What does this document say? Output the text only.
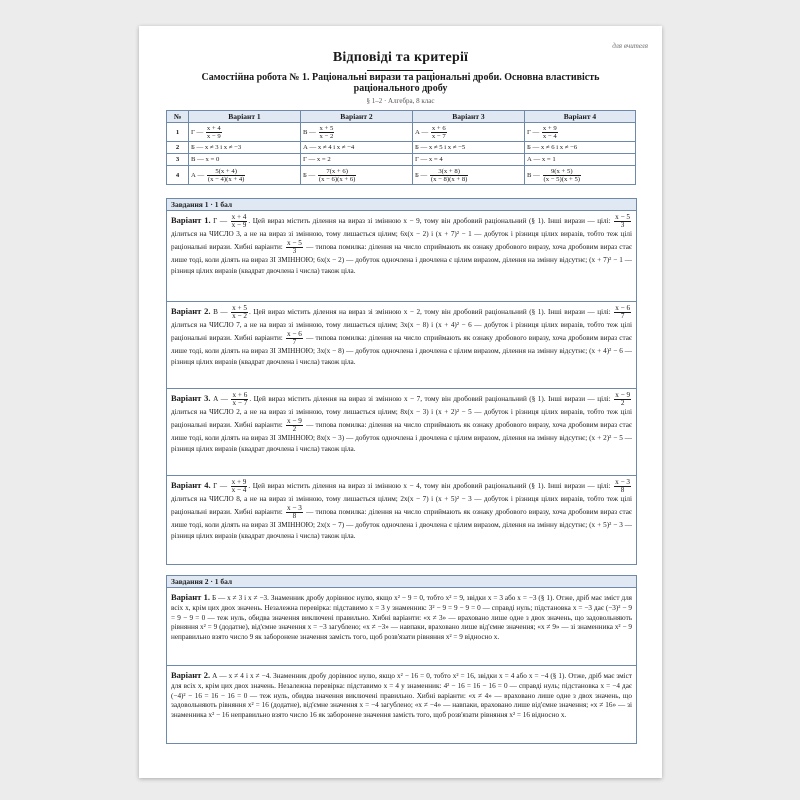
для вчителя
Відповіді та критерії
Самостійна робота № 1. Раціональні вирази та раціональні дроби. Основна властивість раціонального дробу
§ 1–2 · Алгебра, 8 клас
№	Варіант 1	Варіант 2	Варіант 3	Варіант 4
1	Г — $\frac{x + 4}{x - 9}$	В — $\frac{x + 5}{x - 2}$	А — $\frac{x + 6}{x - 7}$	Г — $\frac{x + 9}{x - 4}$

2	Б — x ≠ 3 і x ≠ −3	А — x ≠ 4 і x ≠ −4	Б — x ≠ 5 і x ≠ −5	Б — x ≠ 6 і x ≠ −6
3	В — x = 0	Г — x = 2	Г — x = 4	А — x = 1
4	А — $\frac{5(x + 4)}{(x - 4)(x + 4)}$	Б — $\frac{7(x + 6)}{(x - 6)(x + 6)}$	Б — $\frac{3(x + 8)}{(x - 8)(x + 8)}$	В — $\frac{9(x + 5)}{(x - 5)(x + 5)}$
Завдання 1 · 1 бал
Варіант 1. Г — $\frac{x + 4}{x - 9}$ . Цей вираз містить ділення на вираз зі змінною x − 9, тому він дробовий раціональний (§ 1). Інші вирази — цілі: $\frac{x - 5}{3}$
ділиться на ЧИСЛО 3, а не на вираз зі змінною, тому лишається цілим; 6x(x − 2) і (x + 7)² − 1 — добуток і різниця цілих виразів, тобто теж цілі раціональні вирази. Хибні варіанти: $\frac{x - 5}{3}$ — типова помилка: ділення на число сприймають як ознаку дробового виразу, хоча дробовим вираз стає лише тоді, коли ділять на вираз ЗІ ЗМІННОЮ; 6x(x − 2) — добуток одночлена і двочлена є цілим виразом, ділення на змінну відсутнє; (x + 7)² − 1 — різниця цілих виразів (квадрат двочлена і числа) також ціла.
Варіант 2. В — $\frac{x + 5}{x - 2}$ . Цей вираз містить ділення на вираз зі змінною x − 2, тому він дробовий раціональний (§ 1). Інші вирази — цілі: $\frac{x - 6}{7}$
ділиться на ЧИСЛО 7, а не на вираз зі змінною, тому лишається цілим; 3x(x − 8) і (x + 4)² − 6 — добуток і різниця цілих виразів, тобто теж цілі раціональні вирази. Хибні варіанти: $\frac{x - 6}{7}$ — типова помилка: ділення на число сприймають як ознаку дробового виразу, хоча дробовим вираз стає лише тоді, коли ділять на вираз ЗІ ЗМІННОЮ; 3x(x − 8) — добуток одночлена і двочлена є цілим виразом, ділення на змінну відсутнє; (x + 4)² − 6 — різниця цілих виразів (квадрат двочлена і числа) також ціла.
Варіант 3. А — $\frac{x + 6}{x - 7}$ . Цей вираз містить ділення на вираз зі змінною x − 7, тому він дробовий раціональний (§ 1). Інші вирази — цілі: $\frac{x - 9}{2}$
ділиться на ЧИСЛО 2, а не на вираз зі змінною, тому лишається цілим; 8x(x − 3) і (x + 2)² − 5 — добуток і різниця цілих виразів, тобто теж цілі раціональні вирази. Хибні варіанти: $\frac{x - 9}{2}$ — типова помилка: ділення на число сприймають як ознаку дробового виразу, хоча дробовим вираз стає лише тоді, коли ділять на вираз ЗІ ЗМІННОЮ; 8x(x − 3) — добуток одночлена і двочлена є цілим виразом, ділення на змінну відсутнє; (x + 2)² − 5 — різниця цілих виразів (квадрат двочлена і числа) також ціла.
Варіант 4. Г — $\frac{x + 9}{x - 4}$ . Цей вираз містить ділення на вираз зі змінною x − 4, тому він дробовий раціональний (§ 1). Інші вирази — цілі: $\frac{x - 3}{8}$
ділиться на ЧИСЛО 8, а не на вираз зі змінною, тому лишається цілим; 2x(x − 7) і (x + 5)² − 3 — добуток і різниця цілих виразів, тобто теж цілі раціональні вирази. Хибні варіанти: $\frac{x - 3}{8}$ — типова помилка: ділення на число сприймають як ознаку дробового виразу, хоча дробовим вираз стає лише тоді, коли ділять на вираз ЗІ ЗМІННОЮ; 2x(x − 7) — добуток одночлена і двочлена є цілим виразом, ділення на змінну відсутнє; (x + 5)² − 3 — різниця цілих виразів (квадрат двочлена і числа) також ціла.
Завдання 2 · 1 бал
Варіант 1. Б — x ≠ 3 і x ≠ −3. Знаменник дробу дорівнює нулю, якщо x² − 9 = 0, тобто x² = 9, звідки x = 3 або x = −3 (§ 1). Отже, дріб має зміст для всіх x, крім цих двох значень. Незалежна перевірка: підставимо x = 3 у знаменник: 3² − 9 = 9 − 9 = 0 — справді нуль; підстановка x = −3 дає (−3)² − 9 = 9 − 9 = 0 — теж нуль, обидва значення виключені правильно. Хибні варіанти: «x ≠ 3» — враховано лише одне з двох значень, що задовольняють рівняння x² = 9 (додатне), від'ємне значення x = −3 загублено; «x ≠ −3» — навпаки, враховано лише від'ємне значення; «x ≠ 9» — зі знаменника x² − 9 неправильно взято число 9 як заборонене значення замість того, щоб розв'язати рівняння x² = 9 відносно x.
Варіант 2. А — x ≠ 4 і x ≠ −4. Знаменник дробу дорівнює нулю, якщо x² − 16 = 0, тобто x² = 16, звідки x = 4 або x = −4 (§ 1). Отже, дріб має зміст для всіх x, крім цих двох значень. Незалежна перевірка: підставимо x = 4 у знаменник: 4² − 16 = 16 − 16 = 0 — справді нуль; підстановка x = −4 дає (−4)² − 16 = 16 − 16 = 0 — теж нуль, обидва значення виключені правильно. Хибні варіанти: «x ≠ 4» — враховано лише одне з двох значень, що задовольняють рівняння x² = 16 (додатне), від'ємне значення x = −4 загублено; «x ≠ −4» — навпаки, враховано лише від'ємне значення; «x ≠ 16» — зі знаменника x² − 16 неправильно взято число 16 як заборонене значення замість того, щоб розв'язати рівняння x² = 16 відносно x.
